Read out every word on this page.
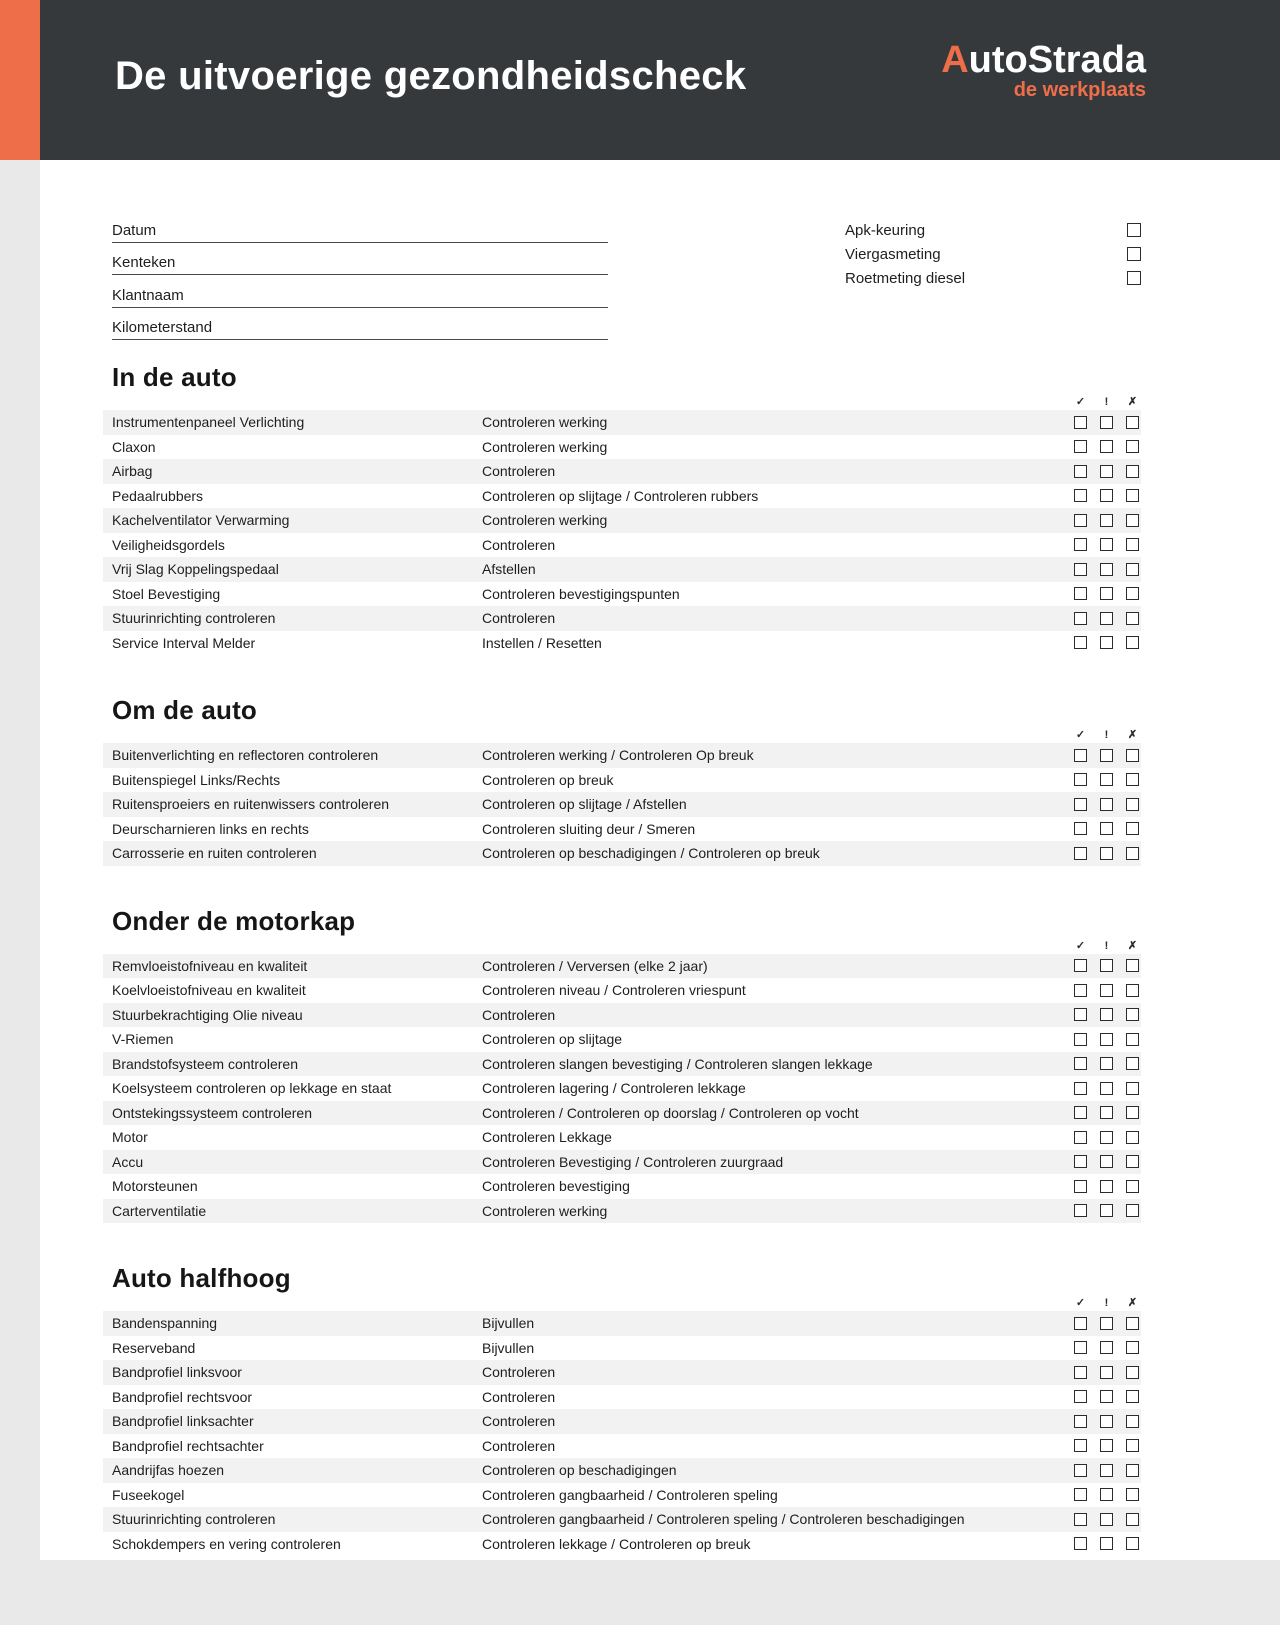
De uitvoerige gezondheidscheck	AutoStrada
de werkplaats
Datum
Kenteken
Klantnaam
Kilometerstand
Apk-keuring
Viergasmeting
Roetmeting diesel
In de auto
✓	!	✗
Instrumentenpaneel Verlichting	Controleren werking
Claxon	Controleren werking
Airbag	Controleren
Pedaalrubbers	Controleren op slijtage / Controleren rubbers
Kachelventilator Verwarming	Controleren werking
Veiligheidsgordels	Controleren
Vrij Slag Koppelingspedaal	Afstellen
Stoel Bevestiging	Controleren bevestigingspunten
Stuurinrichting controleren	Controleren
Service Interval Melder	Instellen / Resetten
Om de auto
✓	!	✗
Buitenverlichting en reflectoren controleren	Controleren werking / Controleren Op breuk
Buitenspiegel Links/Rechts	Controleren op breuk
Ruitensproeiers en ruitenwissers controleren	Controleren op slijtage / Afstellen
Deurscharnieren links en rechts	Controleren sluiting deur / Smeren
Carrosserie en ruiten controleren	Controleren op beschadigingen / Controleren op breuk
Onder de motorkap
✓	!	✗
Remvloeistofniveau en kwaliteit	Controleren / Verversen (elke 2 jaar)
Koelvloeistofniveau en kwaliteit	Controleren niveau / Controleren vriespunt
Stuurbekrachtiging Olie niveau	Controleren
V-Riemen	Controleren op slijtage
Brandstofsysteem controleren	Controleren slangen bevestiging / Controleren slangen lekkage
Koelsysteem controleren op lekkage en staat	Controleren lagering / Controleren lekkage
Ontstekingssysteem controleren	Controleren / Controleren op doorslag / Controleren op vocht
Motor	Controleren Lekkage
Accu	Controleren Bevestiging / Controleren zuurgraad
Motorsteunen	Controleren bevestiging
Carterventilatie	Controleren werking
Auto halfhoog
✓	!	✗
Bandenspanning	Bijvullen
Reserveband	Bijvullen
Bandprofiel linksvoor	Controleren
Bandprofiel rechtsvoor	Controleren
Bandprofiel linksachter	Controleren
Bandprofiel rechtsachter	Controleren
Aandrijfas hoezen	Controleren op beschadigingen
Fuseekogel	Controleren gangbaarheid / Controleren speling
Stuurinrichting controleren	Controleren gangbaarheid / Controleren speling / Controleren beschadigingen
Schokdempers en vering controleren	Controleren lekkage / Controleren op breuk
